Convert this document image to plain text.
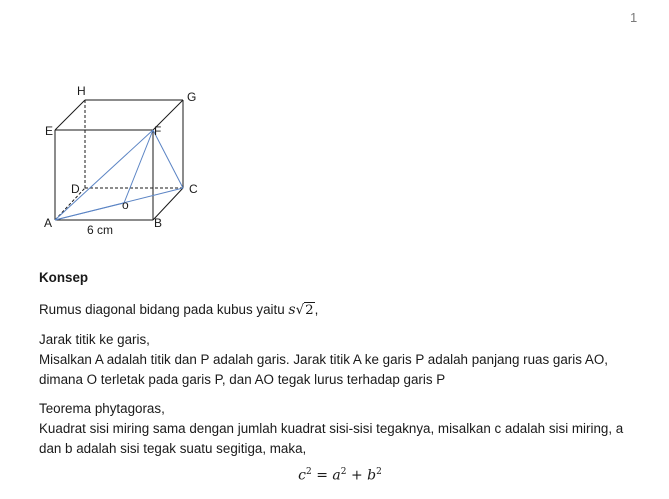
1
H	G
E	F
D	C
o
A	B
6 cm
Konsep
Rumus diagonal bidang pada kubus yaitu s√2,
Jarak titik ke garis,
Misalkan A adalah titik dan P adalah garis. Jarak titik A ke garis P adalah panjang ruas garis AO,
dimana O terletak pada garis P, dan AO tegak lurus terhadap garis P
Teorema phytagoras,
Kuadrat sisi miring sama dengan jumlah kuadrat sisi-sisi tegaknya, misalkan c adalah sisi miring, a
dan b adalah sisi tegak suatu segitiga, maka,
$c^2 = a^2 + b^2$
